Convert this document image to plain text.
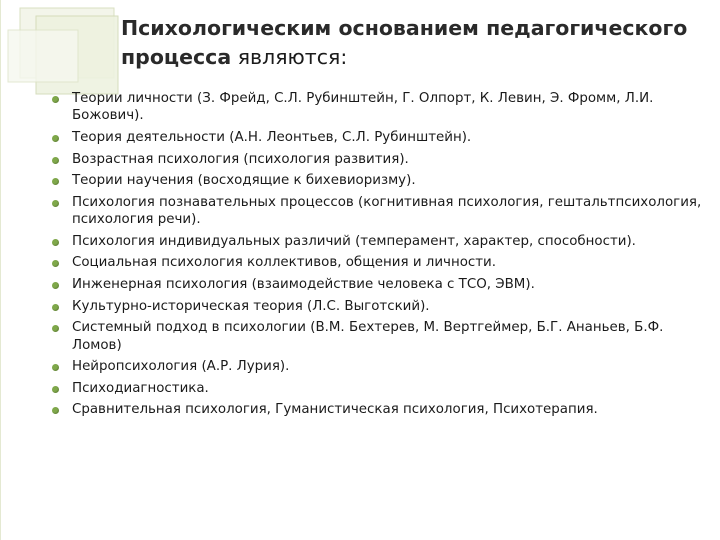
Психологическим основанием педагогического процесса являются:
Теории личности (З. Фрейд, С.Л. Рубинштейн, Г. Олпорт, К. Левин, Э. Фромм, Л.И. Божович).
Теория деятельности (А.Н. Леонтьев, С.Л. Рубинштейн).
Возрастная психология (психология развития).
Теории научения (восходящие к бихевиоризму).
Психология познавательных процессов (когнитивная психология, гештальтпсихология, психология речи).
Психология индивидуальных различий (темперамент, характер, способности).
Социальная психология коллективов, общения и личности.
Инженерная психология (взаимодействие человека с ТСО, ЭВМ).
Культурно-историческая теория (Л.С. Выготский).
Системный подход в психологии (В.М. Бехтерев, М. Вертгеймер, Б.Г. Ананьев, Б.Ф. Ломов)
Нейропсихология (А.Р. Лурия).
Психодиагностика.
Сравнительная психология, Гуманистическая психология, Психотерапия.
